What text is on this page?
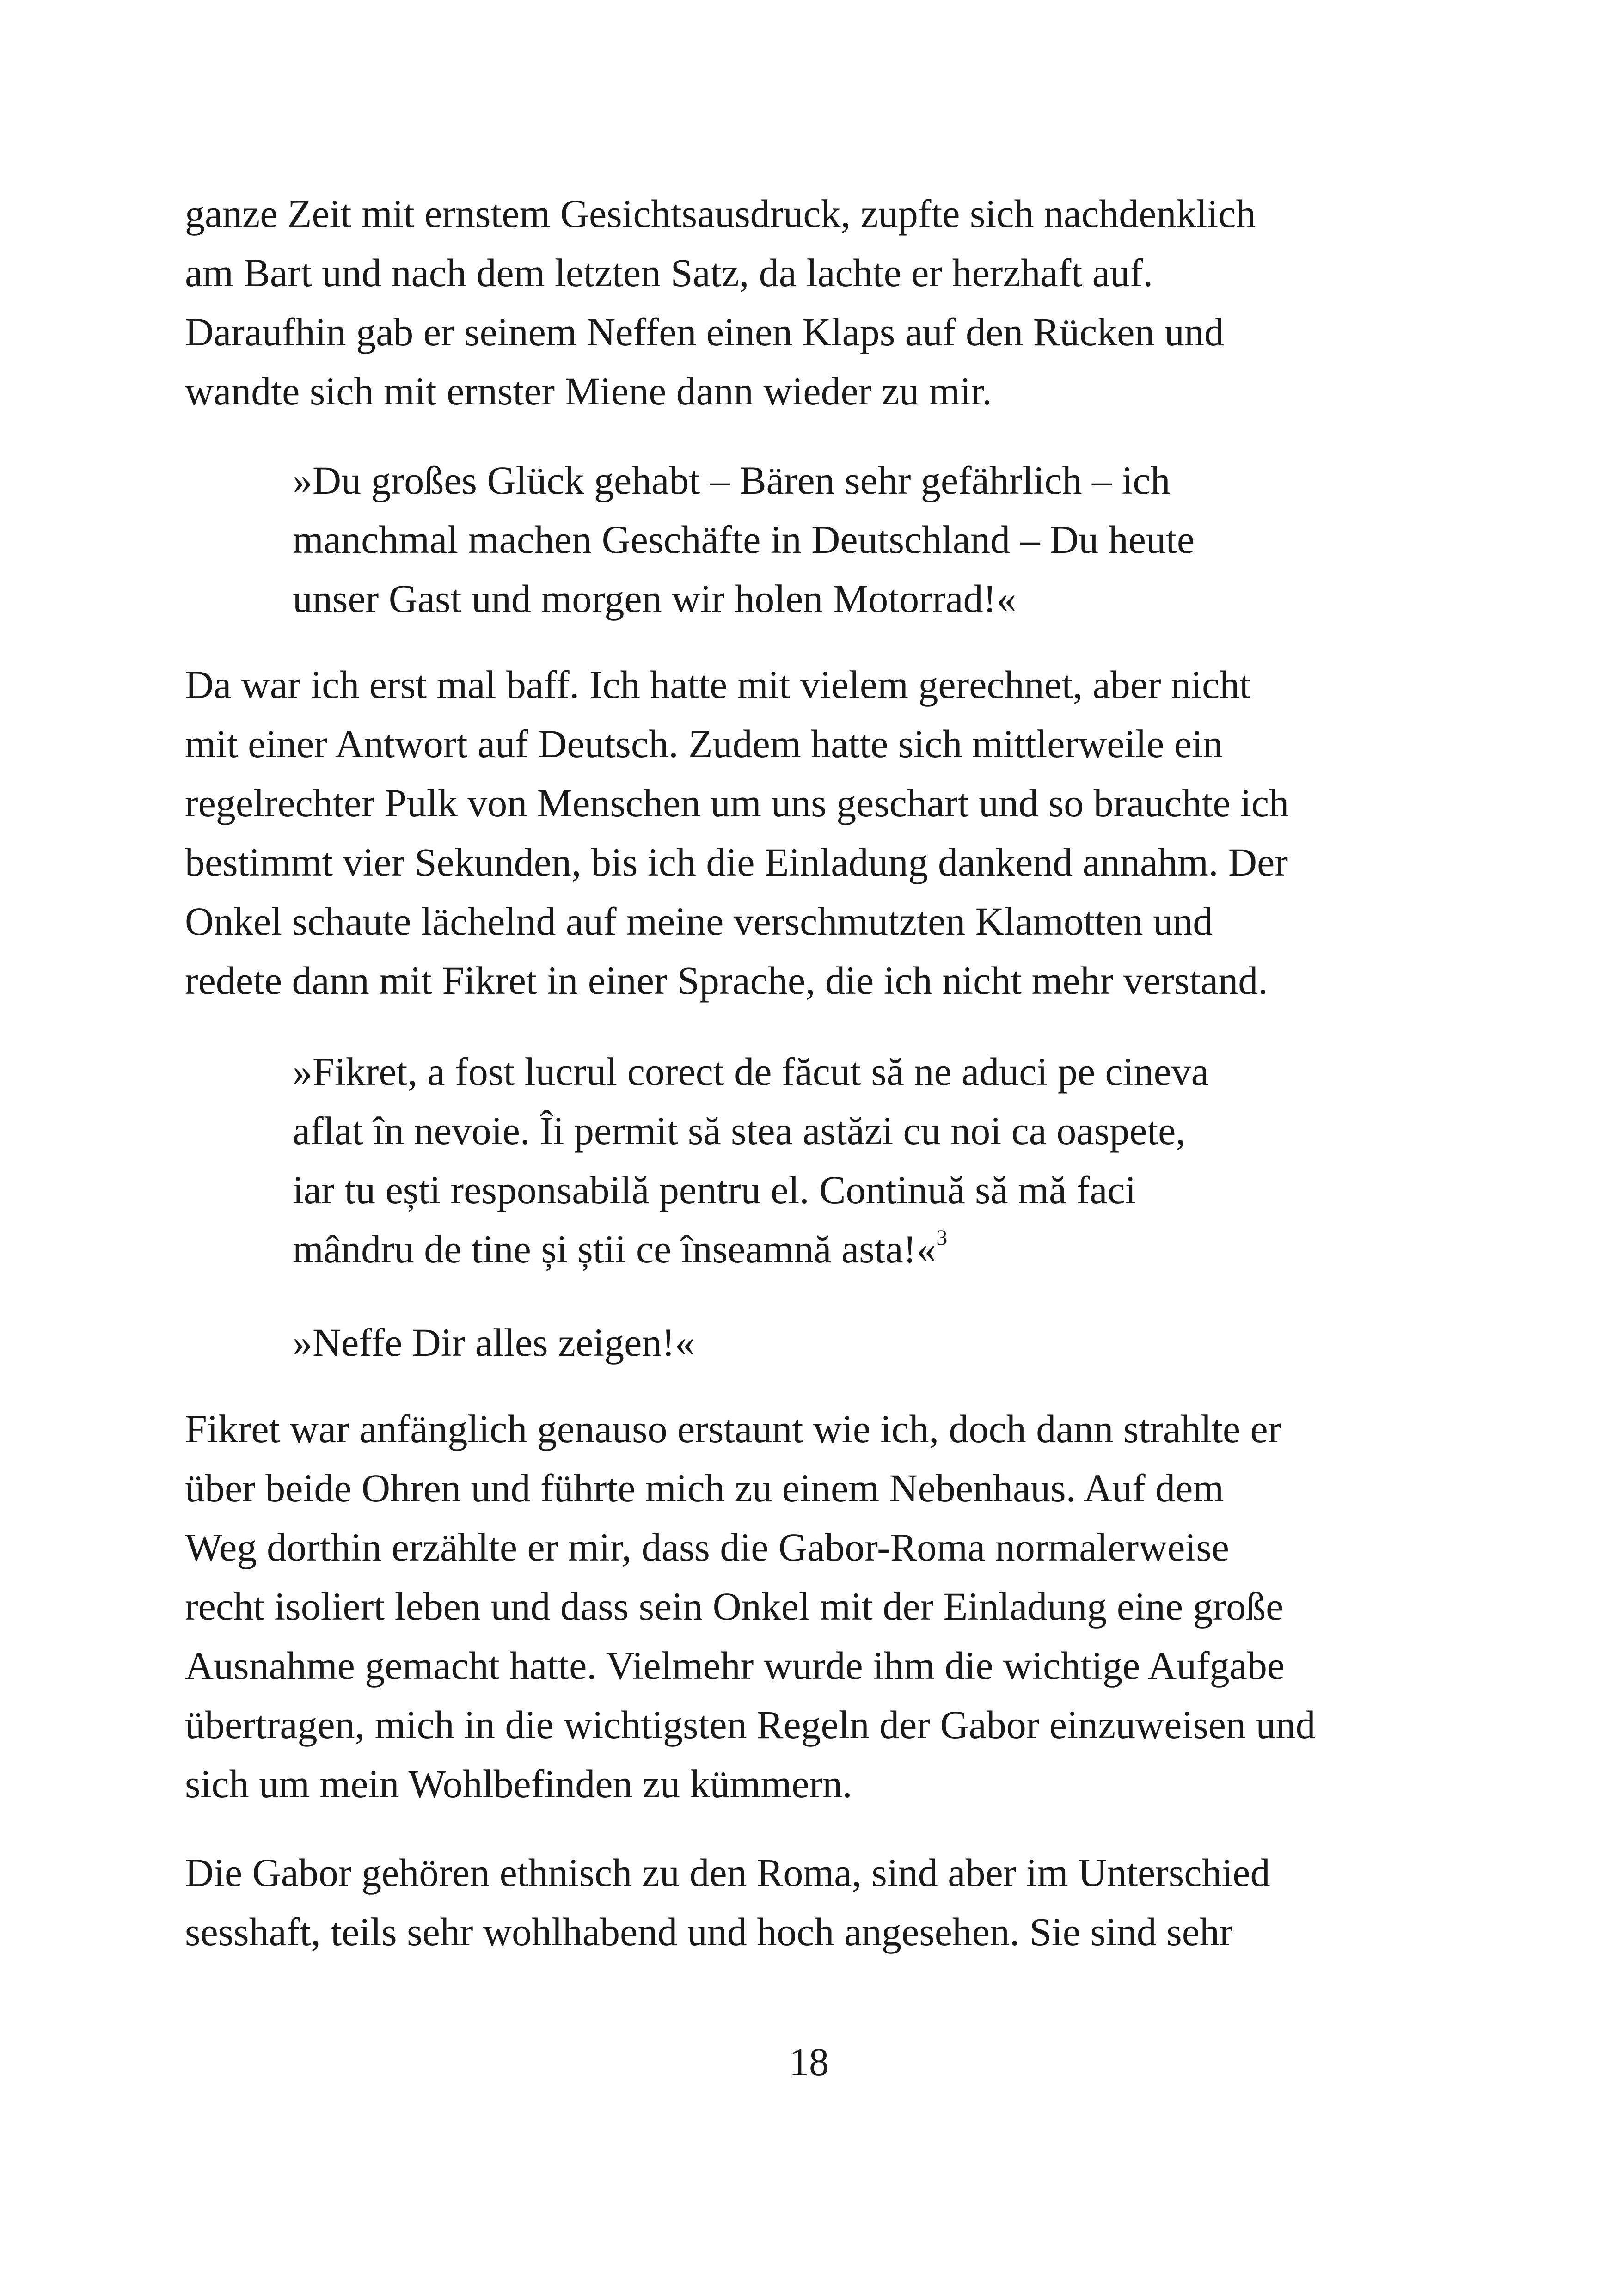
ganze Zeit mit ernstem Gesichtsausdruck, zupfte sich nachdenklich
am Bart und nach dem letzten Satz, da lachte er herzhaft auf.
Daraufhin gab er seinem Neffen einen Klaps auf den Rücken und
wandte sich mit ernster Miene dann wieder zu mir.

»Du großes Glück gehabt – Bären sehr gefährlich – ich
manchmal machen Geschäfte in Deutschland – Du heute
unser Gast und morgen wir holen Motorrad!«

Da war ich erst mal baff. Ich hatte mit vielem gerechnet, aber nicht
mit einer Antwort auf Deutsch. Zudem hatte sich mittlerweile ein
regelrechter Pulk von Menschen um uns geschart und so brauchte ich
bestimmt vier Sekunden, bis ich die Einladung dankend annahm. Der
Onkel schaute lächelnd auf meine verschmutzten Klamotten und
redete dann mit Fikret in einer Sprache, die ich nicht mehr verstand.

»Fikret, a fost lucrul corect de făcut să ne aduci pe cineva
aflat în nevoie. Îi permit să stea astăzi cu noi ca oaspete,
iar tu ești responsabilă pentru el. Continuă să mă faci
mândru de tine și știi ce înseamnă asta!«$^3$

»Neffe Dir alles zeigen!«

Fikret war anfänglich genauso erstaunt wie ich, doch dann strahlte er
über beide Ohren und führte mich zu einem Nebenhaus. Auf dem
Weg dorthin erzählte er mir, dass die Gabor-Roma normalerweise
recht isoliert leben und dass sein Onkel mit der Einladung eine große
Ausnahme gemacht hatte. Vielmehr wurde ihm die wichtige Aufgabe
übertragen, mich in die wichtigsten Regeln der Gabor einzuweisen und
sich um mein Wohlbefinden zu kümmern.

Die Gabor gehören ethnisch zu den Roma, sind aber im Unterschied
sesshaft, teils sehr wohlhabend und hoch angesehen. Sie sind sehr

18
